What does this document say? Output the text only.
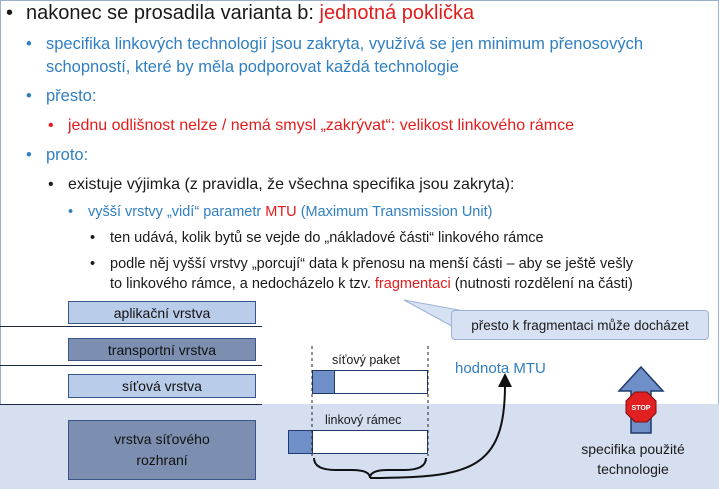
• nakonec se prosadila varianta b: jednotná poklička
• specifika linkových technologií jsou zakryta, využívá se jen minimum přenosových
schopností, které by měla podporovat každá technologie
• přesto:
• jednu odlišnost nelze / nemá smysl „zakrývat“: velikost linkového rámce
• proto:
• existuje výjimka (z pravidla, že všechna specifika jsou zakryta):
• vyšší vrstvy „vidí“ parametr MTU (Maximum Transmission Unit)
• ten udává, kolik bytů se vejde do „nákladové části“ linkového rámce
• podle něj vyšší vrstvy „porcují“ data k přenosu na menší části – aby se ještě vešly
to linkového rámce, a nedocházelo k tzv. fragmentaci (nutnosti rozdělení na části)
aplikační vrstva
transportní vrstva
síťová vrstva
vrstva síťového
rozhraní
přesto k fragmentaci může docházet
síťový paket
linkový rámec
hodnota MTU
STOP
specifika použité
technologie
